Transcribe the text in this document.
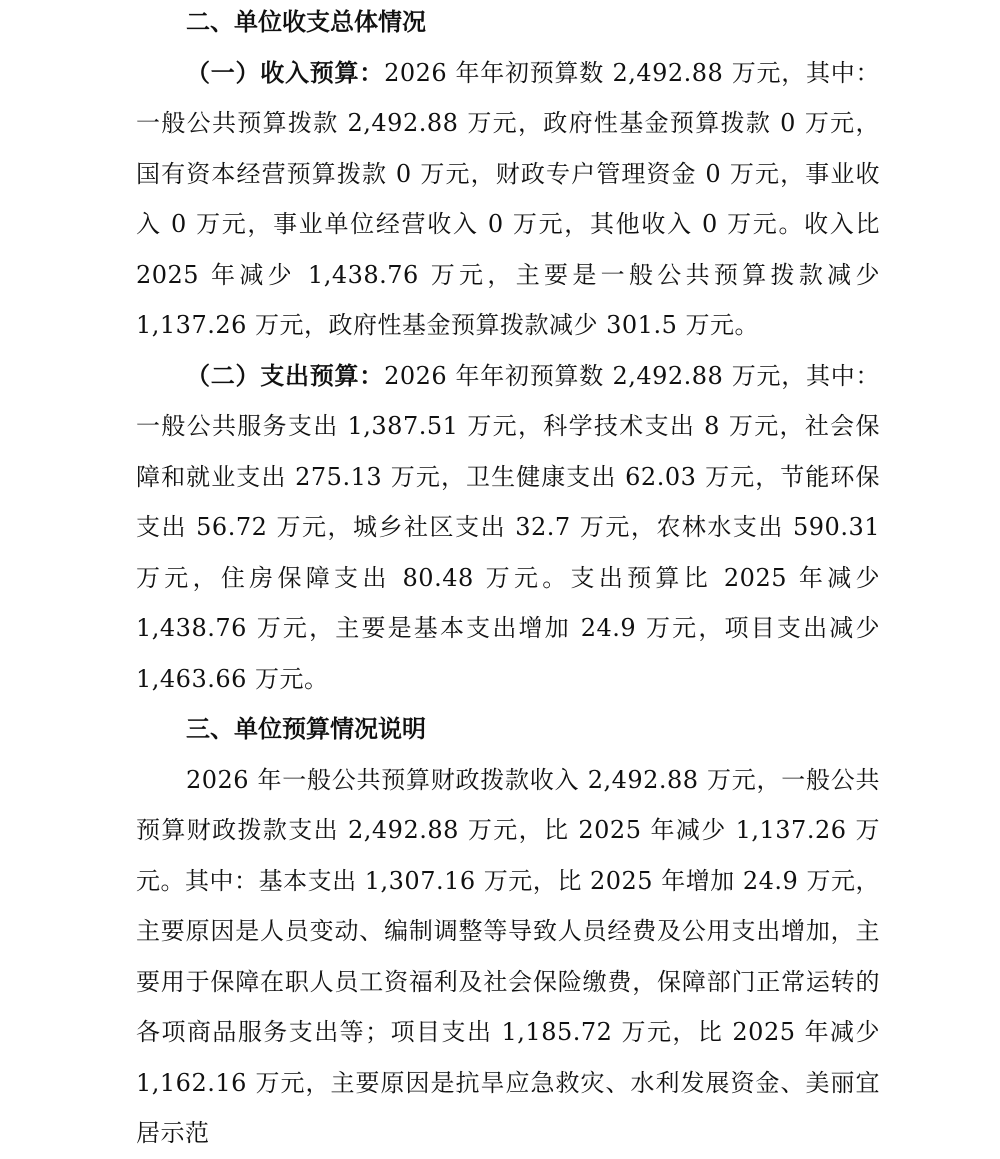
二、单位收支总体情况

（一）收入预算：2026 年年初预算数 2,492.88 万元，其中：一般公共预算拨款 2,492.88 万元，政府性基金预算拨款 0 万元，国有资本经营预算拨款 0 万元，财政专户管理资金 0 万元，事业收入 0 万元，事业单位经营收入 0 万元，其他收入 0 万元。收入比 2025 年减少 1,438.76 万元，主要是一般公共预算拨款减少 1,137.26 万元，政府性基金预算拨款减少 301.5 万元。

（二）支出预算：2026 年年初预算数 2,492.88 万元，其中：一般公共服务支出 1,387.51 万元，科学技术支出 8 万元，社会保障和就业支出 275.13 万元，卫生健康支出 62.03 万元，节能环保支出 56.72 万元，城乡社区支出 32.7 万元，农林水支出 590.31 万元，住房保障支出 80.48 万元。支出预算比 2025 年减少 1,438.76 万元，主要是基本支出增加 24.9 万元，项目支出减少 1,463.66 万元。

三、单位预算情况说明

2026 年一般公共预算财政拨款收入 2,492.88 万元，一般公共预算财政拨款支出 2,492.88 万元，比 2025 年减少 1,137.26 万元。其中：基本支出 1,307.16 万元，比 2025 年增加 24.9 万元，主要原因是人员变动、编制调整等导致人员经费及公用支出增加，主要用于保障在职人员工资福利及社会保险缴费，保障部门正常运转的各项商品服务支出等；项目支出 1,185.72 万元，比 2025 年减少 1,162.16 万元，主要原因是抗旱应急救灾、水利发展资金、美丽宜居示范
